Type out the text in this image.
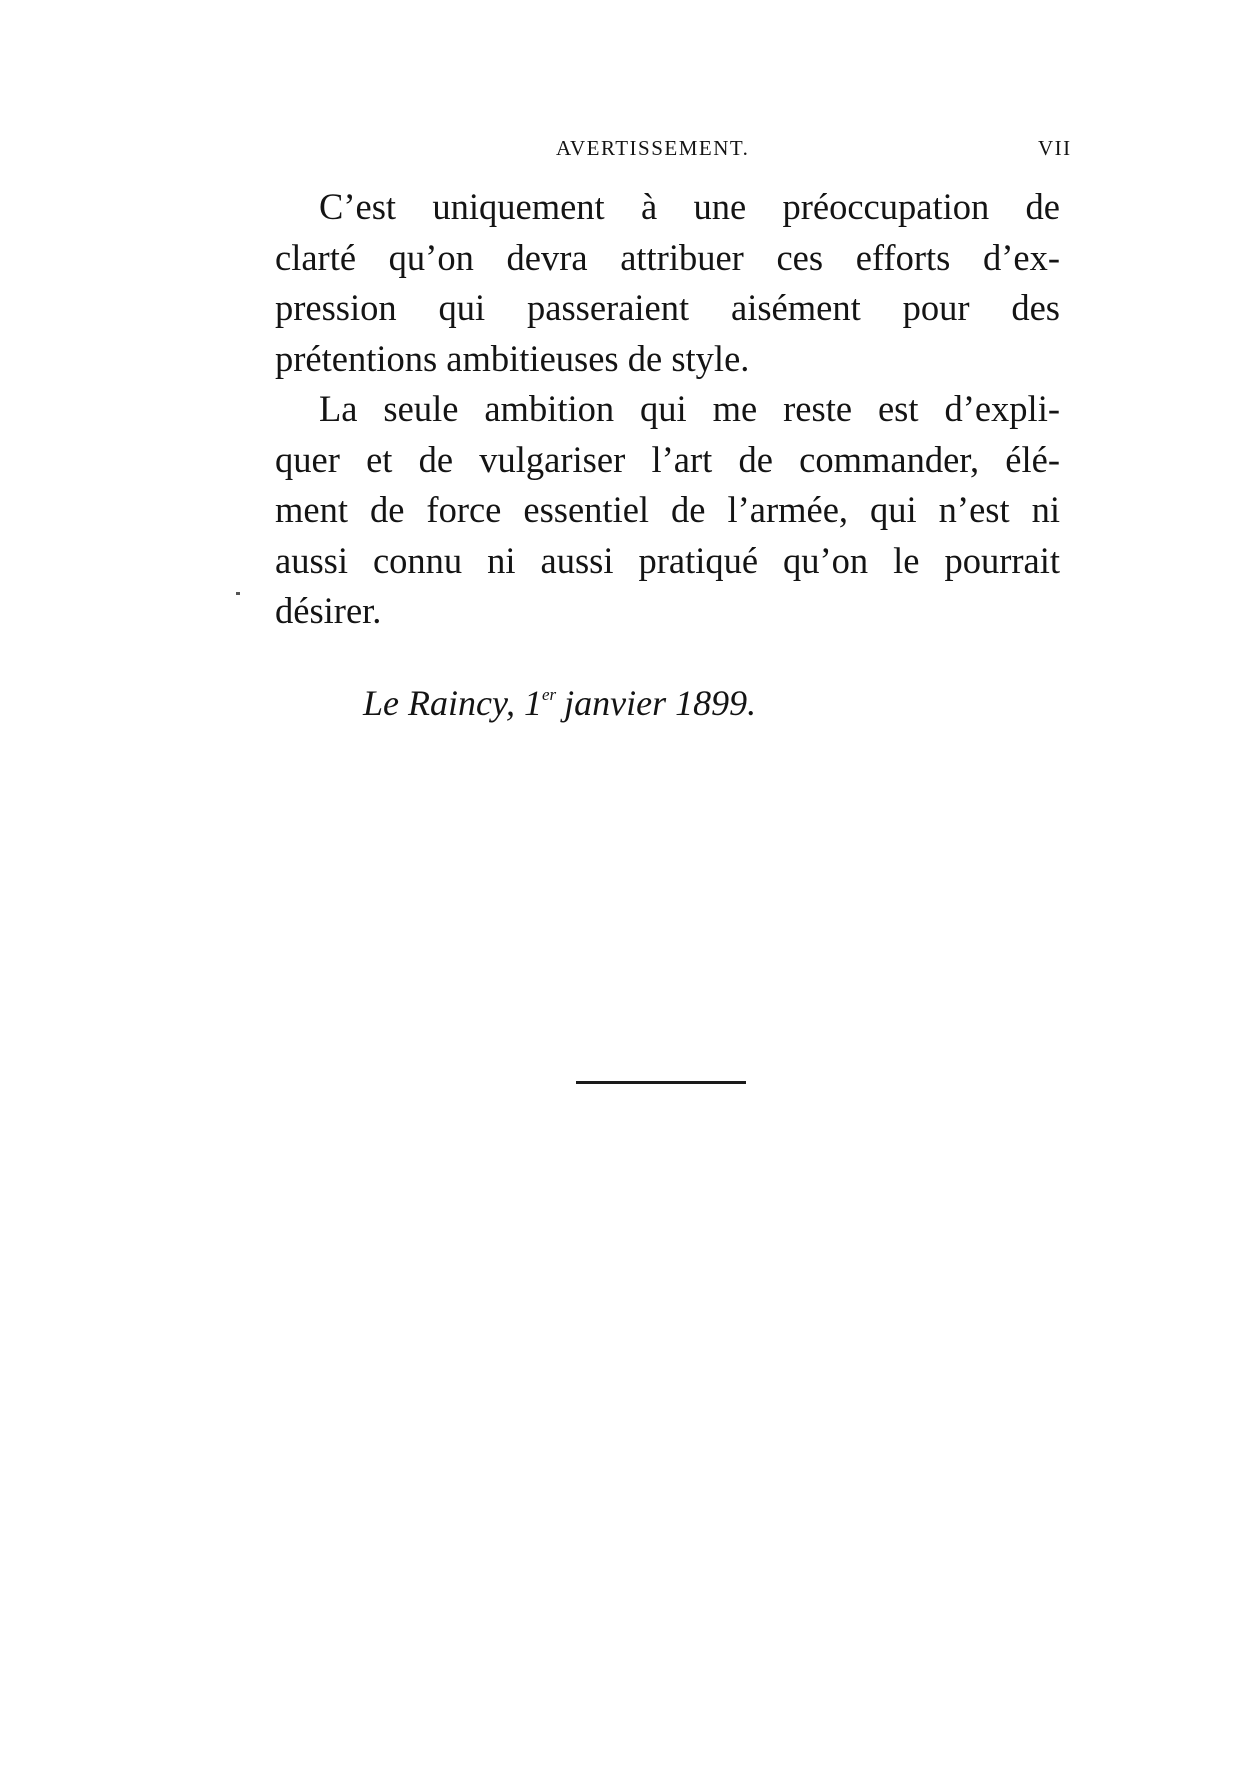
AVERTISSEMENT.	VII

C’est uniquement à une préoccupation de
clarté qu’on devra attribuer ces efforts d’ex-
pression qui passeraient aisément pour des
prétentions ambitieuses de style.

La seule ambition qui me reste est d’expli-
quer et de vulgariser l’art de commander, élé-
ment de force essentiel de l’armée, qui n’est ni
aussi connu ni aussi pratiqué qu’on le pourrait
désirer.

Le Raincy, 1er janvier 1899.
